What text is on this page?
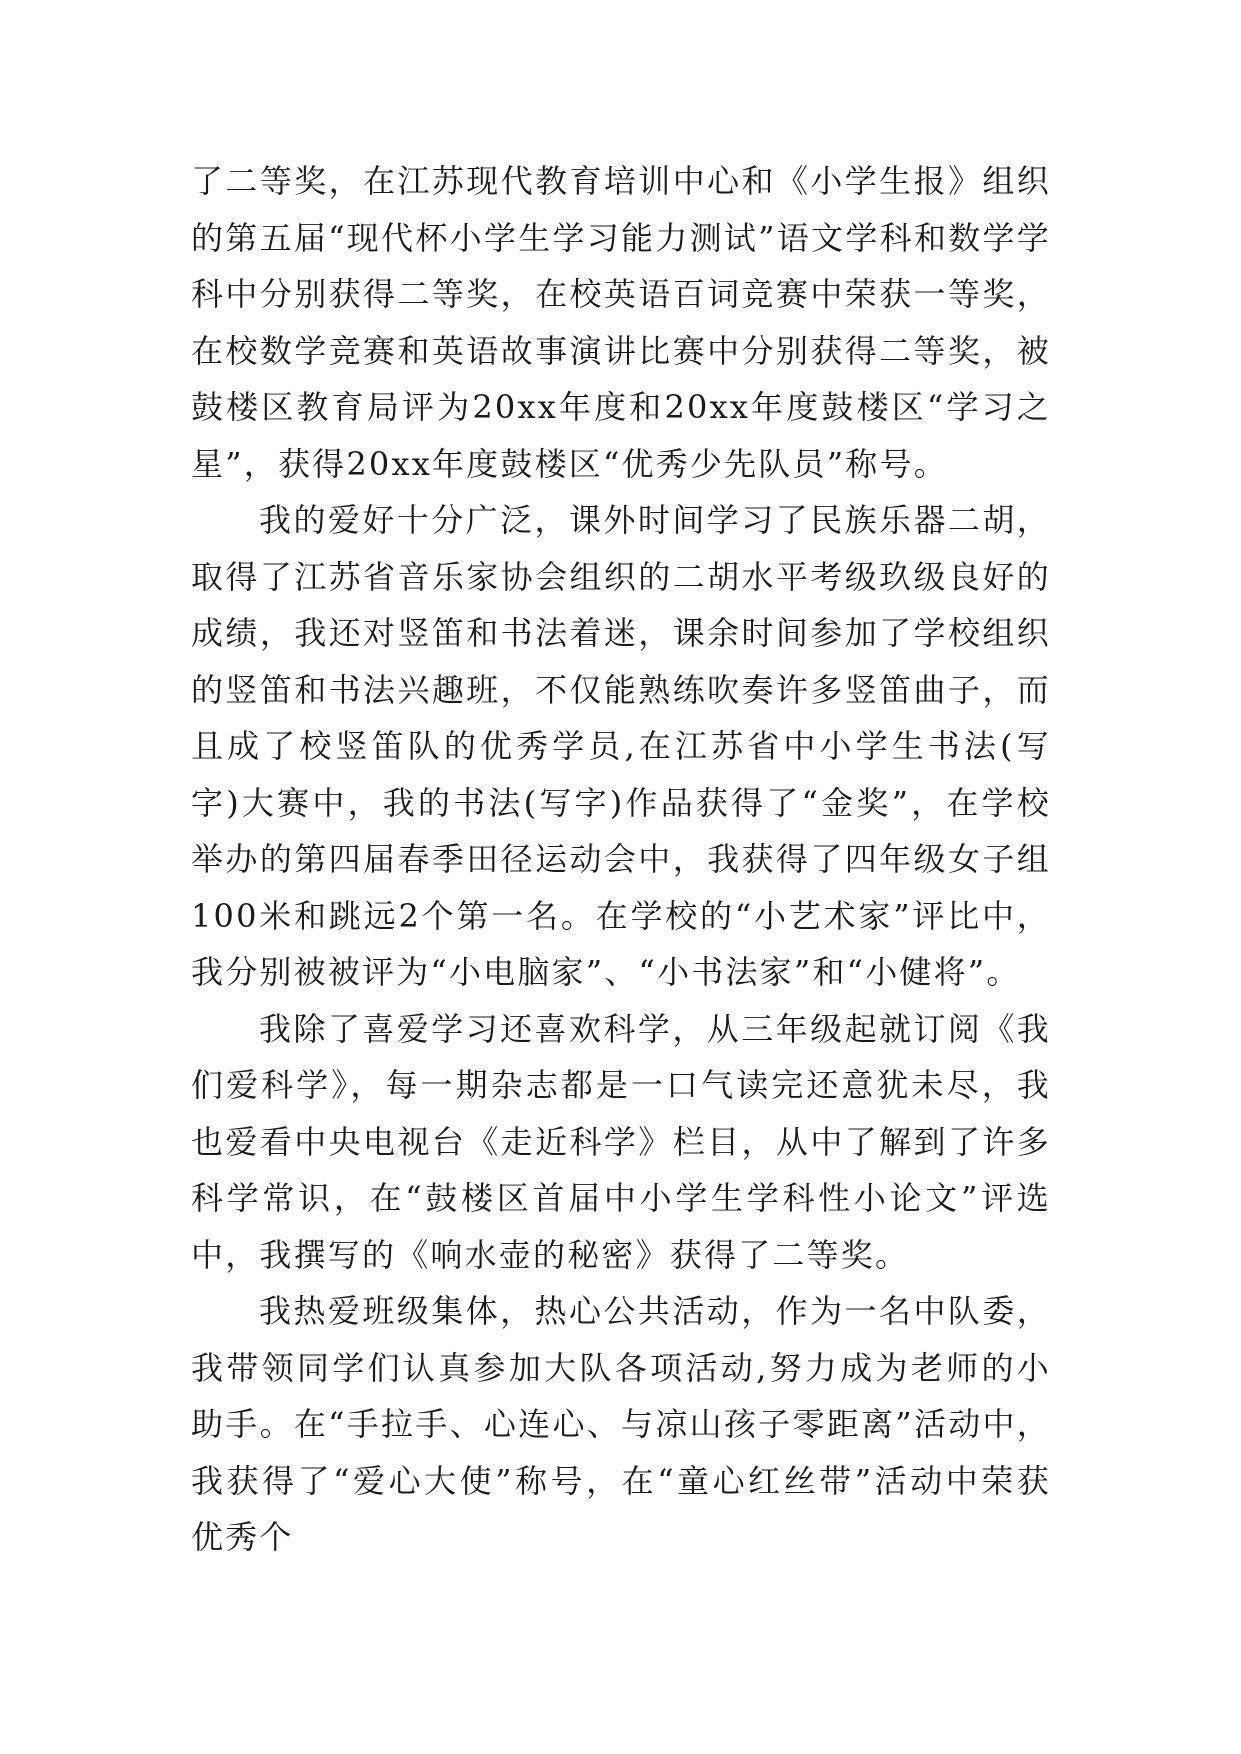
了二等奖，在江苏现代教育培训中心和《小学生报》组织的第五届“现代杯小学生学习能力测试”语文学科和数学学科中分别获得二等奖，在校英语百词竞赛中荣获一等奖，在校数学竞赛和英语故事演讲比赛中分别获得二等奖，被鼓楼区教育局评为20xx年度和20xx年度鼓楼区“学习之星”，获得20xx年度鼓楼区“优秀少先队员”称号。

我的爱好十分广泛，课外时间学习了民族乐器二胡，取得了江苏省音乐家协会组织的二胡水平考级玖级良好的成绩，我还对竖笛和书法着迷，课余时间参加了学校组织的竖笛和书法兴趣班，不仅能熟练吹奏许多竖笛曲子，而且成了校竖笛队的优秀学员,在江苏省中小学生书法(写字)大赛中，我的书法(写字)作品获得了“金奖”，在学校举办的第四届春季田径运动会中，我获得了四年级女子组100米和跳远2个第一名。在学校的“小艺术家”评比中，我分别被被评为“小电脑家”、“小书法家”和“小健将”。

我除了喜爱学习还喜欢科学，从三年级起就订阅《我们爱科学》，每一期杂志都是一口气读完还意犹未尽，我也爱看中央电视台《走近科学》栏目，从中了解到了许多科学常识，在“鼓楼区首届中小学生学科性小论文”评选中，我撰写的《响水壶的秘密》获得了二等奖。

我热爱班级集体，热心公共活动，作为一名中队委，我带领同学们认真参加大队各项活动,努力成为老师的小助手。在“手拉手、心连心、与凉山孩子零距离”活动中，我获得了“爱心大使”称号，在“童心红丝带”活动中荣获优秀个
